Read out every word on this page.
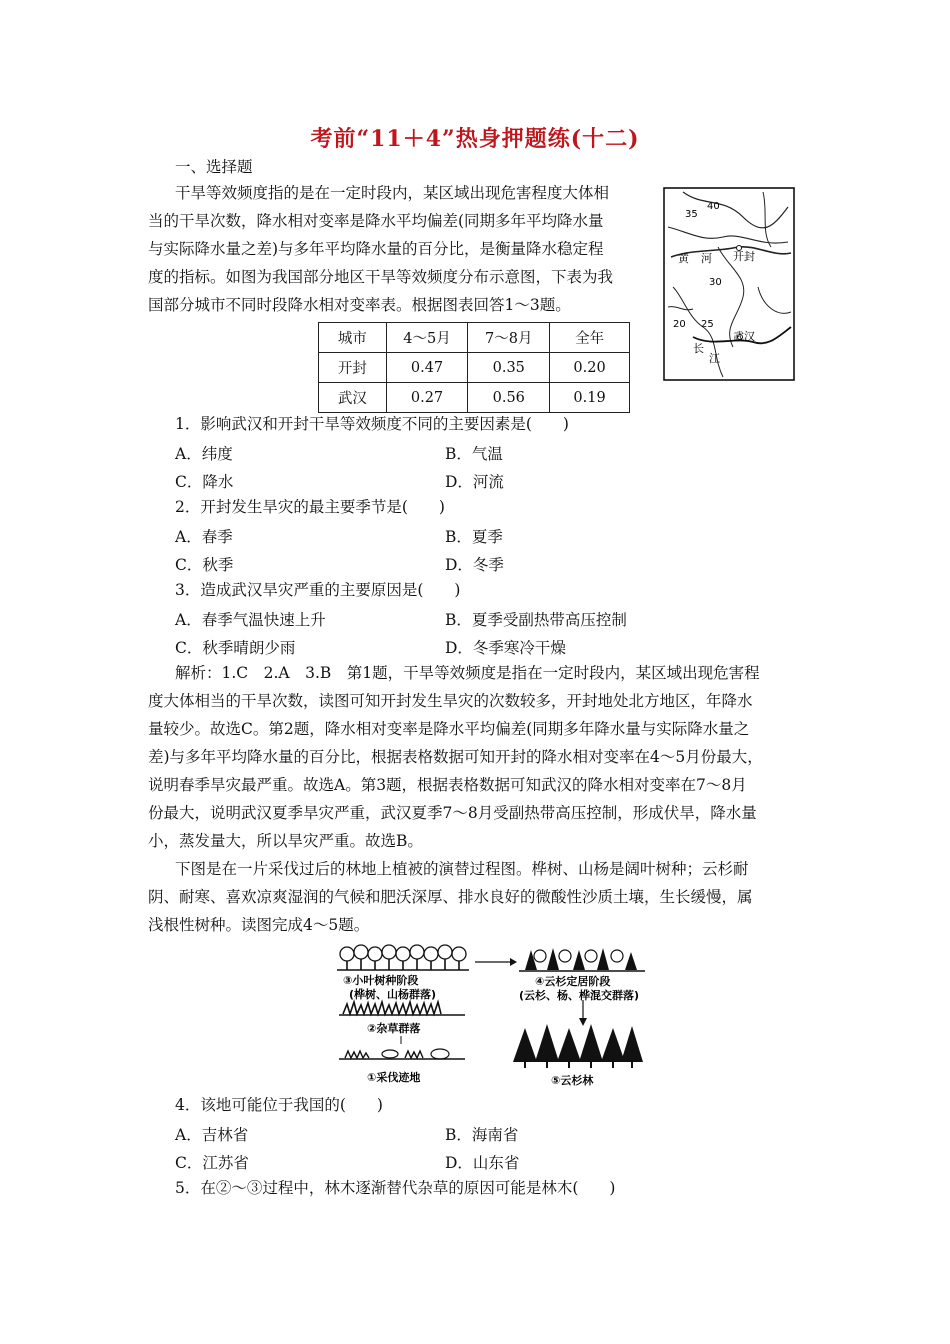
考前“11＋4”热身押题练(十二)
一、选择题
干旱等效频度指的是在一定时段内，某区域出现危害程度大体相
当的干旱次数，降水相对变率是降水平均偏差(同期多年平均降水量
与实际降水量之差)与多年平均降水量的百分比，是衡量降水稳定程
度的指标。如图为我国部分地区干旱等效频度分布示意图，下表为我
国部分城市不同时段降水相对变率表。根据图表回答1～3题。
35
40
30
20 25
黄 河 开封
长
江
武汉
城市	4～5月	7～8月	全年
开封	0.47	0.35	0.20
武汉	0.27	0.56	0.19
1．影响武汉和开封干旱等效频度不同的主要因素是(　　)
A．纬度	B．气温
C．降水	D．河流
2．开封发生旱灾的最主要季节是(　　)
A．春季	B．夏季
C．秋季	D．冬季
3．造成武汉旱灾严重的主要原因是(　　)
A．春季气温快速上升	B．夏季受副热带高压控制
C．秋季晴朗少雨	D．冬季寒冷干燥
解析：1.C　2.A　3.B　第1题，干旱等效频度是指在一定时段内，某区域出现危害程
度大体相当的干旱次数，读图可知开封发生旱灾的次数较多，开封地处北方地区，年降水
量较少。故选C。第2题，降水相对变率是降水平均偏差(同期多年降水量与实际降水量之
差)与多年平均降水量的百分比，根据表格数据可知开封的降水相对变率在4～5月份最大，
说明春季旱灾最严重。故选A。第3题，根据表格数据可知武汉的降水相对变率在7～8月
份最大，说明武汉夏季旱灾严重，武汉夏季7～8月受副热带高压控制，形成伏旱，降水量
小，蒸发量大，所以旱灾严重。故选B。
下图是在一片采伐过后的林地上植被的演替过程图。桦树、山杨是阔叶树种；云杉耐
阴、耐寒、喜欢凉爽湿润的气候和肥沃深厚、排水良好的微酸性沙质土壤，生长缓慢，属
浅根性树种。读图完成4～5题。
③小叶树种阶段
(桦树、山杨群落)
②杂草群落
①采伐迹地
④云杉定居阶段
(云杉、杨、桦混交群落)
⑤云杉林
4．该地可能位于我国的(　　)
A．吉林省	B．海南省
C．江苏省	D．山东省
5．在②～③过程中，林木逐渐替代杂草的原因可能是林木(　　)
